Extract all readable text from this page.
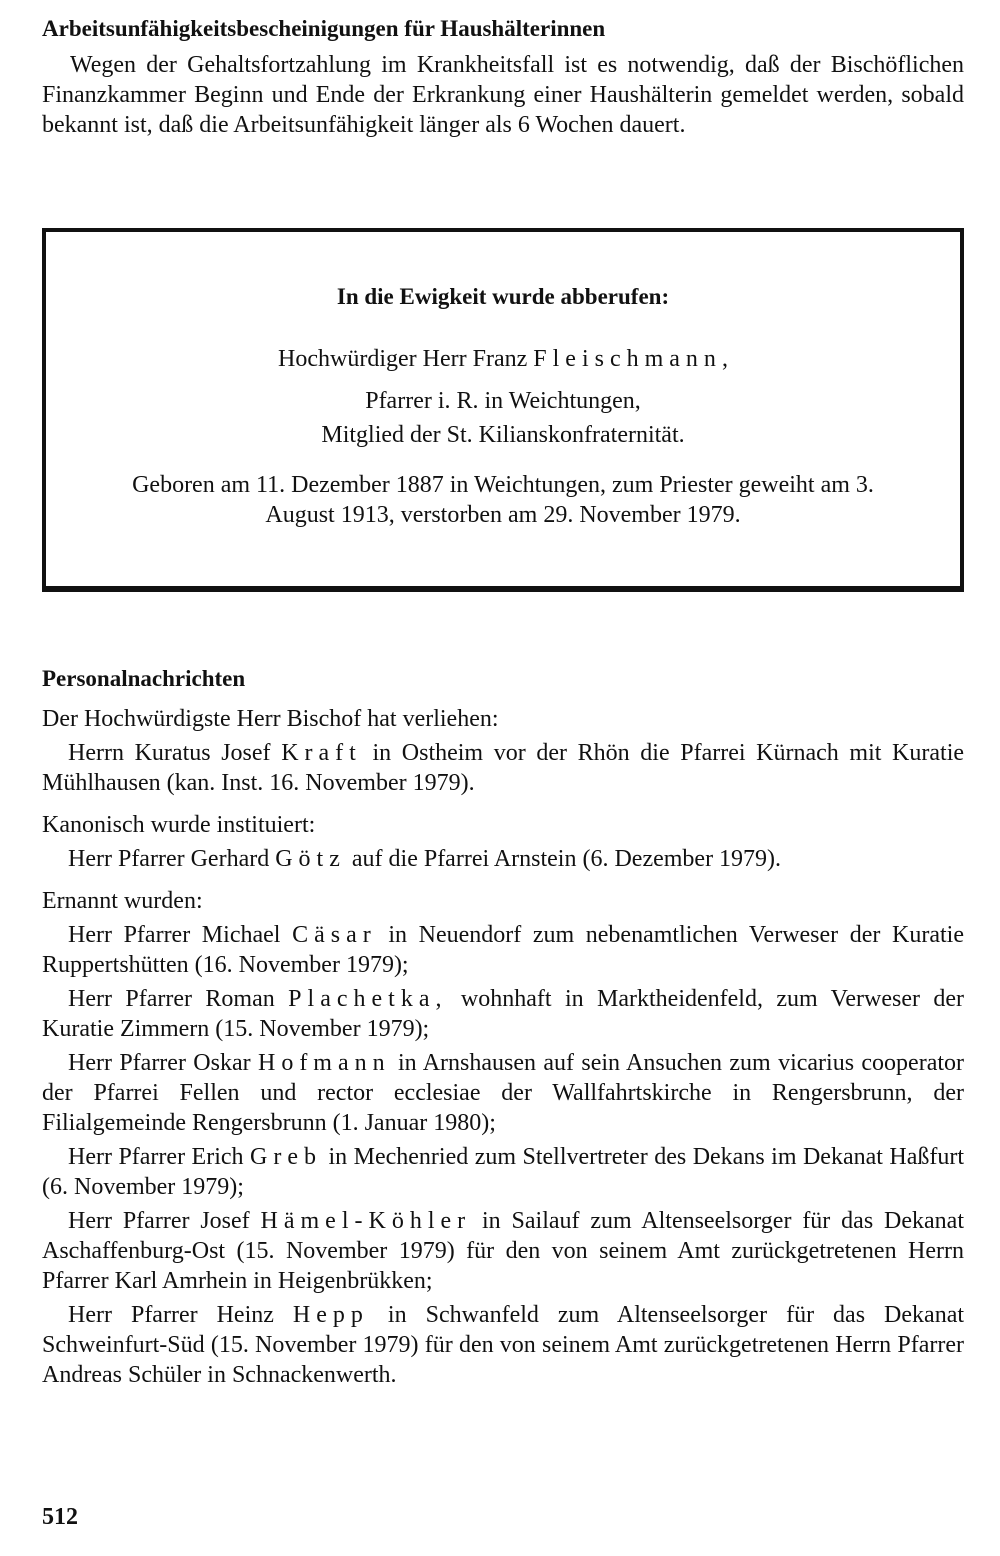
Arbeitsunfähigkeitsbescheinigungen für Haushälterinnen

Wegen der Gehaltsfortzahlung im Krankheitsfall ist es notwendig, daß der Bischöflichen Finanzkammer Beginn und Ende der Erkrankung einer Haushälterin gemeldet werden, sobald bekannt ist, daß die Arbeitsunfähigkeit länger als 6 Wochen dauert.

In die Ewigkeit wurde abberufen:

Hochwürdiger Herr Franz Fleischmann,

Pfarrer i. R. in Weichtungen,

Mitglied der St. Kilianskonfraternität.

Geboren am 11. Dezember 1887 in Weichtungen, zum Priester geweiht am 3. August 1913, verstorben am 29. November 1979.

Personalnachrichten

Der Hochwürdigste Herr Bischof hat verliehen:

Herrn Kuratus Josef Kraft in Ostheim vor der Rhön die Pfarrei Kürnach mit Kuratie Mühlhausen (kan. Inst. 16. November 1979).

Kanonisch wurde instituiert:

Herr Pfarrer Gerhard Götz auf die Pfarrei Arnstein (6. Dezember 1979).

Ernannt wurden:

Herr Pfarrer Michael Cäsar in Neuendorf zum nebenamtlichen Verweser der Kuratie Ruppertshütten (16. November 1979);

Herr Pfarrer Roman Plachetka, wohnhaft in Marktheidenfeld, zum Verweser der Kuratie Zimmern (15. November 1979);

Herr Pfarrer Oskar Hofmann in Arnshausen auf sein Ansuchen zum vicarius cooperator der Pfarrei Fellen und rector ecclesiae der Wallfahrtskirche in Rengersbrunn, der Filialgemeinde Rengersbrunn (1. Januar 1980);

Herr Pfarrer Erich Greb in Mechenried zum Stellvertreter des Dekans im Dekanat Haßfurt (6. November 1979);

Herr Pfarrer Josef Hämel-Köhler in Sailauf zum Altenseelsorger für das Dekanat Aschaffenburg-Ost (15. November 1979) für den von seinem Amt zurückgetretenen Herrn Pfarrer Karl Amrhein in Heigenbrükken;

Herr Pfarrer Heinz Hepp in Schwanfeld zum Altenseelsorger für das Dekanat Schweinfurt-Süd (15. November 1979) für den von seinem Amt zurückgetretenen Herrn Pfarrer Andreas Schüler in Schnackenwerth.

512
